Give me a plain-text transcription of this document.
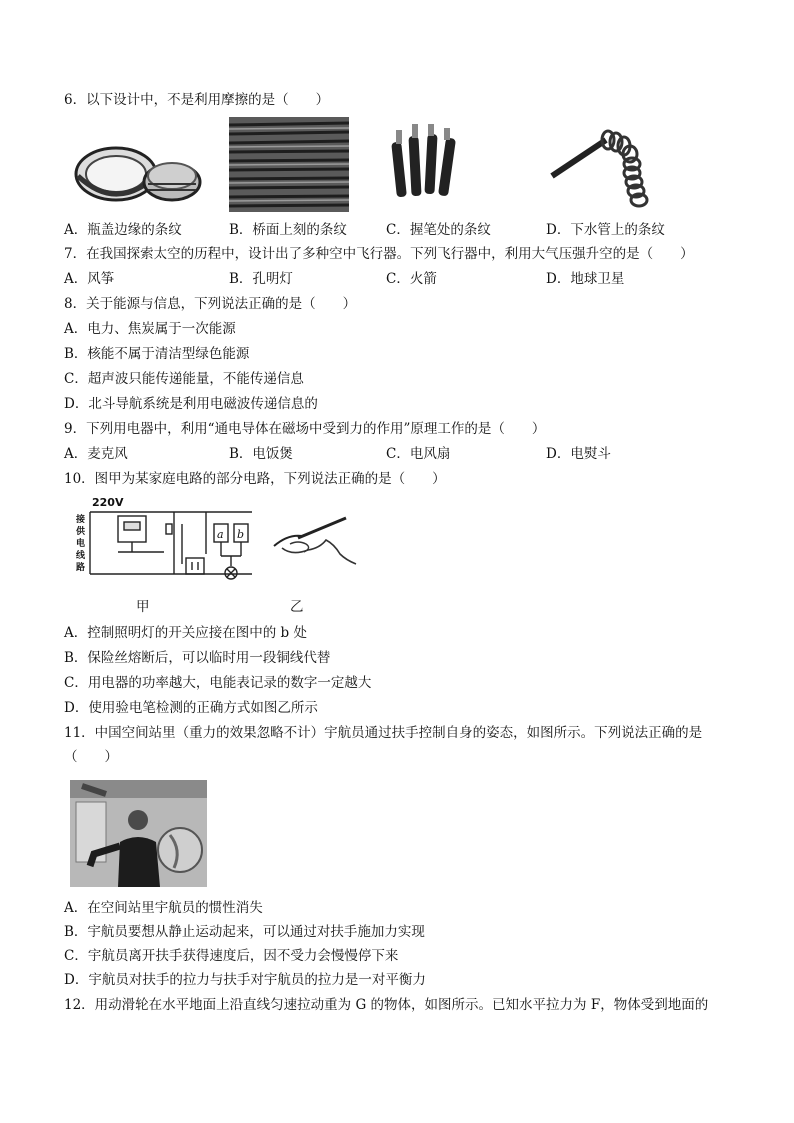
6．以下设计中，不是利用摩擦的是（　　）
A．瓶盖边缘的条纹	B．桥面上刻的条纹	C．握笔处的条纹	D．下水管上的条纹
7．在我国探索太空的历程中，设计出了多种空中飞行器。下列飞行器中，利用大气压强升空的是（　　）
A．风筝	B．孔明灯	C．火箭	D．地球卫星
8．关于能源与信息，下列说法正确的是（　　）
A．电力、焦炭属于一次能源
B．核能不属于清洁型绿色能源
C．超声波只能传递能量，不能传递信息
D．北斗导航系统是利用电磁波传递信息的
9．下列用电器中，利用“通电导体在磁场中受到力的作用”原理工作的是（　　）
A．麦克风	B．电饭煲	C．电风扇	D．电熨斗
10．图甲为某家庭电路的部分电路，下列说法正确的是（　　）
220V
接
供
电
线
路
a b
甲	乙
A．控制照明灯的开关应接在图中的 b 处
B．保险丝熔断后，可以临时用一段铜线代替
C．用电器的功率越大，电能表记录的数字一定越大
D．使用验电笔检测的正确方式如图乙所示
11．中国空间站里（重力的效果忽略不计）宇航员通过扶手控制自身的姿态，如图所示。下列说法正确的是
（　　）
A．在空间站里宇航员的惯性消失
B．宇航员要想从静止运动起来，可以通过对扶手施加力实现
C．宇航员离开扶手获得速度后，因不受力会慢慢停下来
D．宇航员对扶手的拉力与扶手对宇航员的拉力是一对平衡力
12．用动滑轮在水平地面上沿直线匀速拉动重为 G 的物体，如图所示。已知水平拉力为 F，物体受到地面的
